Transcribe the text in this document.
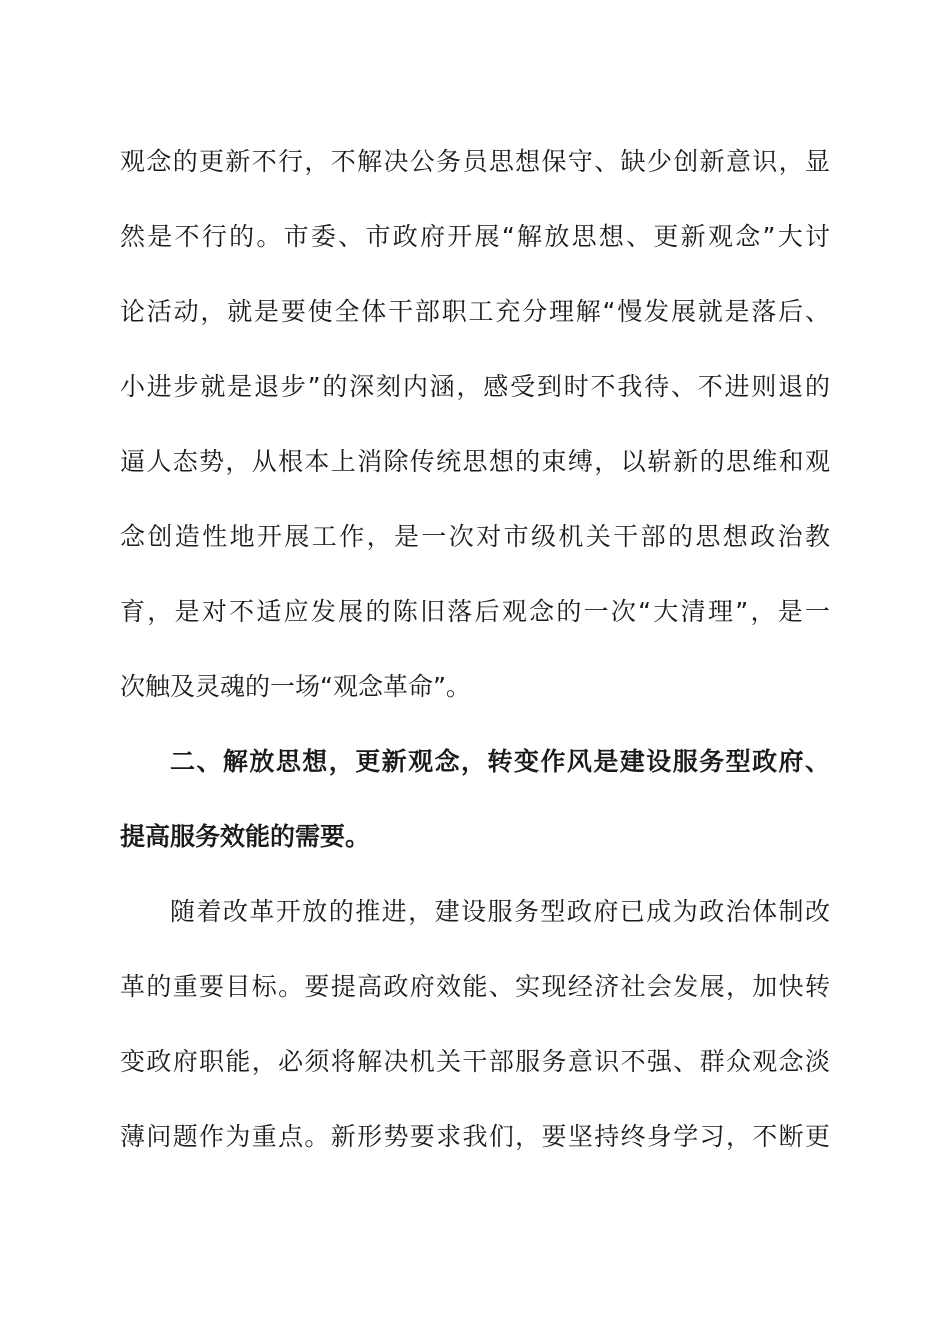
观念的更新不行，不解决公务员思想保守、缺少创新意识，显
然是不行的。市委、市政府开展“解放思想、更新观念”大讨
论活动，就是要使全体干部职工充分理解“慢发展就是落后、
小进步就是退步”的深刻内涵，感受到时不我待、不进则退的
逼人态势，从根本上消除传统思想的束缚，以崭新的思维和观
念创造性地开展工作，是一次对市级机关干部的思想政治教
育，是对不适应发展的陈旧落后观念的一次“大清理”，是一
次触及灵魂的一场“观念革命”。
二、解放思想，更新观念，转变作风是建设服务型政府、
提高服务效能的需要。
随着改革开放的推进，建设服务型政府已成为政治体制改
革的重要目标。要提高政府效能、实现经济社会发展，加快转
变政府职能，必须将解决机关干部服务意识不强、群众观念淡
薄问题作为重点。新形势要求我们，要坚持终身学习，不断更
